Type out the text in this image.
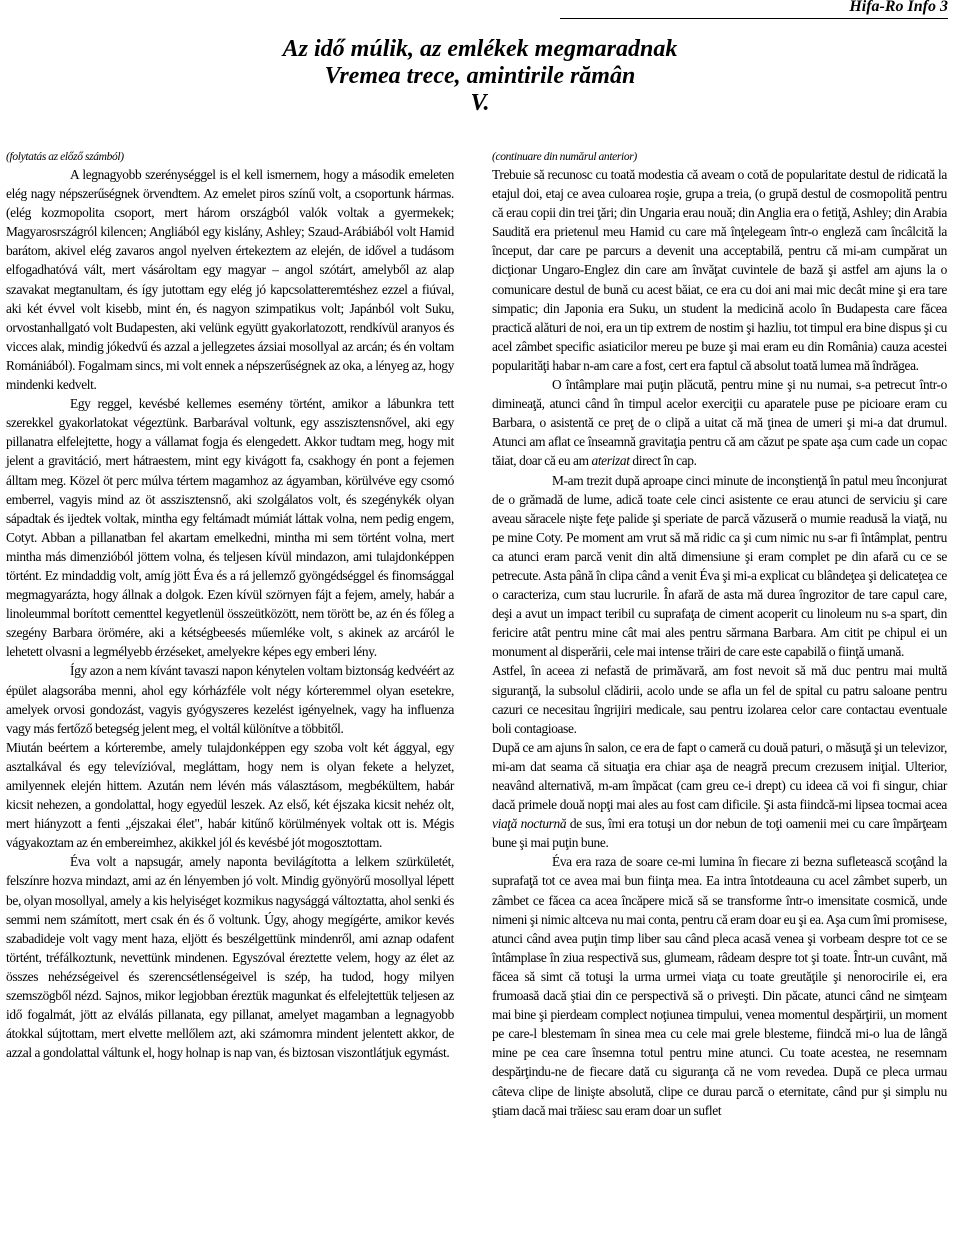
Hifa-Ro Info 3
Az idő múlik, az emlékek megmaradnak
Vremea trece, amintirile rămân
V.

(folytatás az előző számból)

A legnagyobb szerénységgel is el kell ismernem, hogy a második emeleten elég nagy népszerűségnek örvendtem. Az emelet piros színű volt, a csoportunk hármas. (elég kozmopolita csoport, mert három országból valók voltak a gyermekek; Magyarosrszágról kilencen; Angliából egy kislány, Ashley; Szaud-Arábiából volt Hamid barátom, akivel elég zavaros angol nyelven értekeztem az elején, de idővel a tudásom elfogadhatóvá vált, mert vásároltam egy magyar – angol szótárt, amelyből az alap szavakat megtanultam, és így jutottam egy elég jó kapcsolatteremtéshez ezzel a fiúval, aki két évvel volt kisebb, mint én, és nagyon szimpatikus volt; Japánból volt Suku, orvostanhallgató volt Budapesten, aki velünk együtt gyakorlatozott, rendkívül aranyos és vicces alak, mindig jókedvű és azzal a jellegzetes ázsiai mosollyal az arcán; és én voltam Romániából). Fogalmam sincs, mi volt ennek a népszerűségnek az oka, a lényeg az, hogy mindenki kedvelt.

Egy reggel, kevésbé kellemes esemény történt, amikor a lábunkra tett szerekkel gyakorlatokat végeztünk. Barbarával voltunk, egy asszisztensnővel, aki egy pillanatra elfelejtette, hogy a vállamat fogja és elengedett. Akkor tudtam meg, hogy mit jelent a gravitáció, mert hátraestem, mint egy kivágott fa, csakhogy én pont a fejemen álltam meg. Közel öt perc múlva tértem magamhoz az ágyamban, körülvéve egy csomó emberrel, vagyis mind az öt asszisztensnő, aki szolgálatos volt, és szegénykék olyan sápadtak és ijedtek voltak, mintha egy feltámadt múmiát láttak volna, nem pedig engem, Cotyt. Abban a pillanatban fel akartam emelkedni, mintha mi sem történt volna, mert mintha más dimenzióból jöttem volna, és teljesen kívül mindazon, ami tulajdonképpen történt. Ez mindaddig volt, amíg jött Éva és a rá jellemző gyöngédséggel és finomsággal megmagyarázta, hogy állnak a dolgok. Ezen kívül szörnyen fájt a fejem, amely, habár a linoleummal borított cementtel kegyetlenül összeütközött, nem törött be, az én és főleg a szegény Barbara örömére, aki a kétségbeesés műemléke volt, s akinek az arcáról le lehetett olvasni a legmélyebb érzéseket, amelyekre képes egy emberi lény.

Így azon a nem kívánt tavaszi napon kénytelen voltam biztonság kedvéért az épület alagsorába menni, ahol egy kórházféle volt négy kórteremmel olyan esetekre, amelyek orvosi gondozást, vagyis gyógyszeres kezelést igényelnek, vagy ha influenza vagy más fertőző betegség jelent meg, el voltál különítve a többitől.

Miután beértem a kórterembe, amely tulajdonképpen egy szoba volt két ággyal, egy asztalkával és egy televízióval, megláttam, hogy nem is olyan fekete a helyzet, amilyennek elején hittem. Azután nem lévén más választásom, megbékültem, habár kicsit nehezen, a gondolattal, hogy egyedül leszek. Az első, két éjszaka kicsit nehéz olt, mert hiányzott a fenti „éjszakai élet", habár kitűnő körülmények voltak ott is. Mégis vágyakoztam az én embereimhez, akikkel jól és kevésbé jót mogosztottam.

Éva volt a napsugár, amely naponta bevilágította a lelkem szürkületét, felszínre hozva mindazt, ami az én lényemben jó volt. Mindig gyönyörű mosollyal lépett be, olyan mosollyal, amely a kis helyiséget kozmikus nagysággá változtatta, ahol senki és semmi nem számított, mert csak én és ő voltunk. Úgy, ahogy megígérte, amikor kevés szabadideje volt vagy ment haza, eljött és beszélgettünk mindenről, ami aznap odafent történt, tréfálkoztunk, nevettünk mindenen. Egyszóval éreztette velem, hogy az élet az összes nehézségeivel és szerencsétlenségeivel is szép, ha tudod, hogy milyen szemszögből nézd. Sajnos, mikor legjobban éreztük magunkat és elfelejtettük teljesen az idő fogalmát, jött az elválás pillanata, egy pillanat, amelyet magamban a legnagyobb átokkal sújtottam, mert elvette mellőlem azt, aki számomra mindent jelentett akkor, de azzal a gondolattal váltunk el, hogy holnap is nap van, és biztosan viszontlátjuk egymást.

(continuare din numărul anterior)

Trebuie să recunosc cu toată modestia că aveam o cotă de popularitate destul de ridicată la etajul doi, etaj ce avea culoarea roşie, grupa a treia, (o grupă destul de cosmopolită pentru că erau copii din trei ţări; din Ungaria erau nouă; din Anglia era o fetiţă, Ashley; din Arabia Saudită era prietenul meu Hamid cu care mă înţelegeam într-o engleză cam încâlcită la început, dar care pe parcurs a devenit una acceptabilă, pentru că mi-am cumpărat un dicţionar Ungaro-Englez din care am învăţat cuvintele de bază şi astfel am ajuns la o comunicare destul de bună cu acest băiat, ce era cu doi ani mai mic decât mine şi era tare simpatic; din Japonia era Suku, un student la medicină acolo în Budapesta care făcea practică alături de noi, era un tip extrem de nostim şi hazliu, tot timpul era bine dispus şi cu acel zâmbet specific asiaticilor mereu pe buze şi mai eram eu din România) cauza acestei popularităţi habar n-am care a fost, cert era faptul că absolut toată lumea mă îndrăgea.

O întâmplare mai puţin plăcută, pentru mine şi nu numai, s-a petrecut într-o dimineaţă, atunci când în timpul acelor exerciţii cu aparatele puse pe picioare eram cu Barbara, o asistentă ce preţ de o clipă a uitat că mă ţinea de umeri şi mi-a dat drumul. Atunci am aflat ce înseamnă gravitaţia pentru că am căzut pe spate aşa cum cade un copac tăiat, doar că eu am aterizat direct în cap.

M-am trezit după aproape cinci minute de inconştienţă în patul meu înconjurat de o grămadă de lume, adică toate cele cinci asistente ce erau atunci de serviciu şi care aveau săracele nişte feţe palide şi speriate de parcă văzuseră o mumie readusă la viaţă, nu pe mine Coty. Pe moment am vrut să mă ridic ca şi cum nimic nu s-ar fi întâmplat, pentru ca atunci eram parcă venit din altă dimensiune şi eram complet pe din afară cu ce se petrecute. Asta până în clipa când a venit Éva şi mi-a explicat cu blândeţea şi delicateţea ce o caracteriza, cum stau lucrurile. În afară de asta mă durea îngrozitor de tare capul care, deşi a avut un impact teribil cu suprafaţa de ciment acoperit cu linoleum nu s-a spart, din fericire atât pentru mine cât mai ales pentru sărmana Barbara. Am citit pe chipul ei un monument al disperării, cele mai intense trăiri de care este capabilă o fiinţă umană.

Astfel, în aceea zi nefastă de primăvară, am fost nevoit să mă duc pentru mai multă siguranţă, la subsolul clădirii, acolo unde se afla un fel de spital cu patru saloane pentru cazuri ce necesitau îngrijiri medicale, sau pentru izolarea celor care contactau eventuale boli contagioase.

După ce am ajuns în salon, ce era de fapt o cameră cu două paturi, o măsuţă şi un televizor, mi-am dat seama că situaţia era chiar aşa de neagră precum crezusem iniţial. Ulterior, neavând alternativă, m-am împăcat (cam greu ce-i drept) cu ideea că voi fi singur, chiar dacă primele două nopţi mai ales au fost cam dificile. Şi asta fiindcă-mi lipsea tocmai acea viaţă nocturnă de sus, îmi era totuşi un dor nebun de toţi oamenii mei cu care împărţeam bune şi mai puţin bune.

Éva era raza de soare ce-mi lumina în fiecare zi bezna sufletească scoţând la suprafaţă tot ce avea mai bun fiinţa mea. Ea intra întotdeauna cu acel zâmbet superb, un zâmbet ce făcea ca acea încăpere mică să se transforme într-o imensitate cosmică, unde nimeni şi nimic altceva nu mai conta, pentru că eram doar eu şi ea. Aşa cum îmi promisese, atunci când avea puţin timp liber sau când pleca acasă venea şi vorbeam despre tot ce se întâmplase în ziua respectivă sus, glumeam, râdeam despre tot şi toate. Într-un cuvânt, mă făcea să simt că totuşi la urma urmei viaţa cu toate greutăţile şi nenorocirile ei, era frumoasă dacă ştiai din ce perspectivă să o priveşti. Din păcate, atunci când ne simţeam mai bine şi pierdeam complect noţiunea timpului, venea momentul despărţirii, un moment pe care-l blestemam în sinea mea cu cele mai grele blesteme, fiindcă mi-o lua de lângă mine pe cea care însemna totul pentru mine atunci. Cu toate acestea, ne resemnam despărţindu-ne de fiecare dată cu siguranţa că ne vom revedea. După ce pleca urmau câteva clipe de linişte absolută, clipe ce durau parcă o eternitate, când pur şi simplu nu ştiam dacă mai trăiesc sau eram doar un suflet
